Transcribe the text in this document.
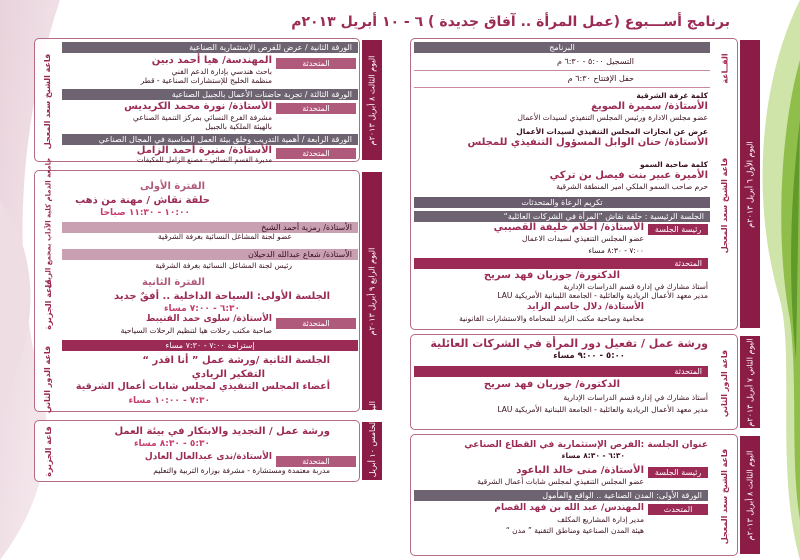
برنامج أســـبوع (عمل المرأة .. آفاق جديدة ) ٦ - ١٠ أبريل ٢٠١٣م
اليوم الأول ٦ أبريل ٢٠١٣م
القــاعة
قاعة الشيخ سعد المعجل
البرنامج
التسجيل ٥:٠٠ - ٦:٣٠ م
حفل الإفتتاح ٦:٣٠ م
كلمة غرفة الشرقية
الأستاذة/ سميرة الصويغ
عضو مجلس الادارة ورئيس المجلس التنفيذي لسيدات الأعمال
عرض عن انجازات المجلس التنفيذي لسيدات الأعمال
الأستاذة/ حنان الوابل المسؤول التنفيذي للمجلس
كلمة صاحبة السمو
الأميرة عبير بنت فيصل بن تركي
حرم صاحب السمو الملكي امير المنطقة الشرقية
تكريم الرعاة والمتحدثات
الجلسة الرئيسية : حلقة نقاش ”المرأة في الشركات العائلية“
رئيسة الجلسة
الأستاذة/ أحلام خليفة القصيبي
عضو المجلس التنفيذي لسيدات الاعمال
٧:٠٠ - ٨:٣٠ مساء
المتحدثة
الدكتورة/ جوزيان فهد سريح
أستاذ مشارك في إدارة قسم الدراسات الإدارية
مدير معهد الأعمال الريادية والعائلية - الجامعة اللبنانية الأمريكية LAU
الأستاذة/ دلال جاسم الزايد
محامية وصاحبة مكتب الزايد للمحاماة والاستشارات القانونية
اليوم الثاني ٧ أبريل ٢٠١٣م
قاعة الدور الثاني
ورشة عمل / تفعيل دور المرأة في الشركات العائلية
٥:٠٠ - ٩:٠٠ مساء
المتحدثة
الدكتورة/ جوزيان فهد سريح
أستاذ مشارك في إدارة قسم الدراسات الإدارية
مدير معهد الأعمال الريادية والعائلية - الجامعة اللبنانية الأمريكية LAU
اليوم الثالث ٨ أبريل ٢٠١٣م
قاعة الشيخ سعد المعجل
عنوان الجلسة :الفرص الإستثمارية في القطاع الصناعي
٦:٣٠ - ٨:٣٠ مساء
رئيسة الجلسة
الأستاذة/ منى خالد الباعود
عضو المجلس التنفيذي لمجلس شابات أعمال الشرقية
الورقة الأولى: المدن الصناعية .. الواقع والمأمول
المتحدث
المهندس/ عبد الله بن فهد القصام
مدير إدارة المشاريع المكلف
هيئة المدن الصناعية ومناطق التقنية ” مدن “
اليوم الثالث ٨ أبريل ٢٠١٣م
قاعة الشيخ سعد المعجل
الورقة الثانية / عرض للفرص الإستثمارية الصناعية
المتحدثة
المهندسة/ هيا أحمد دبين
باحث هندسي بإدارة الدعم الفني
منظمة الخليج للإستشارات الصناعية - قطر
الورقة الثالثة / تجربة حاضنات الأعمال بالجبيل الصناعية
المتحدثة
الأستاذة/ نورة محمد الكريديس
مشرفة الفرع النسائي بمركز التنمية الصناعي
بالهيئة الملكية بالجبيل
الورقة الرابعة / أهمية التدريب وخلق بيئة العمل المناسبة في المجال الصناعي
المتحدثة
الأستاذة/ منيرة أحمد الزامل
مديرة القسم النسائي - مصنع الزامل للمكيفات
اليوم الرابع ٩ أبريل ٢٠١٣م
جامعة الدمام كلية الآداب بمجمع الريان
قاعة الجزيرة
قاعة الدور الثاني
الفترة الأولى
حلقة نقاش / مهنة من ذهب
١٠:٠٠ - ١١:٣٠ صباحا
الأستاذة/ رمزية أحمد الشيخ
عضو لجنة المشاغل النسائية بغرفة الشرقية
الأستاذة/ شعاع عبدالله الدحيلان
رئيس لجنة المشاغل النسائية بغرفة الشرقية
الفترة الثانية
الجلسة الأولى: السياحة الداخلية .. أفقٌ جديد
٦:٣٠ - ٧:٠٠ مساء
المتحدثة
الأستاذة/ سلوى حمد القنيبط
صاحبة مكتب رحلات هيا لتنظيم الرحلات السياحية
إستراحة ٧:٠٠ - ٧:٣٠ مساء
الجلسة الثانية /ورشة عمل ” أنا اقدر “
التفكير الريادي
أعضاء المجلس التنفيذي لمجلس شابات أعمال الشرقية
٧:٣٠ - ١٠:٠٠ مساء
اليوم الخامس ١٠ أبريل ٢٠١٣م
قاعة الجزيرة	ورشة عمل / التجديد والابتكار في بيئة العمل
٥:٣٠ - ٨:٣٠ مساء
المتحدثة
الأستاذة/ندى عبدالعال العادل
مدربة معتمدة ومستشارة - مشرفة بوزارة التربية والتعليم
